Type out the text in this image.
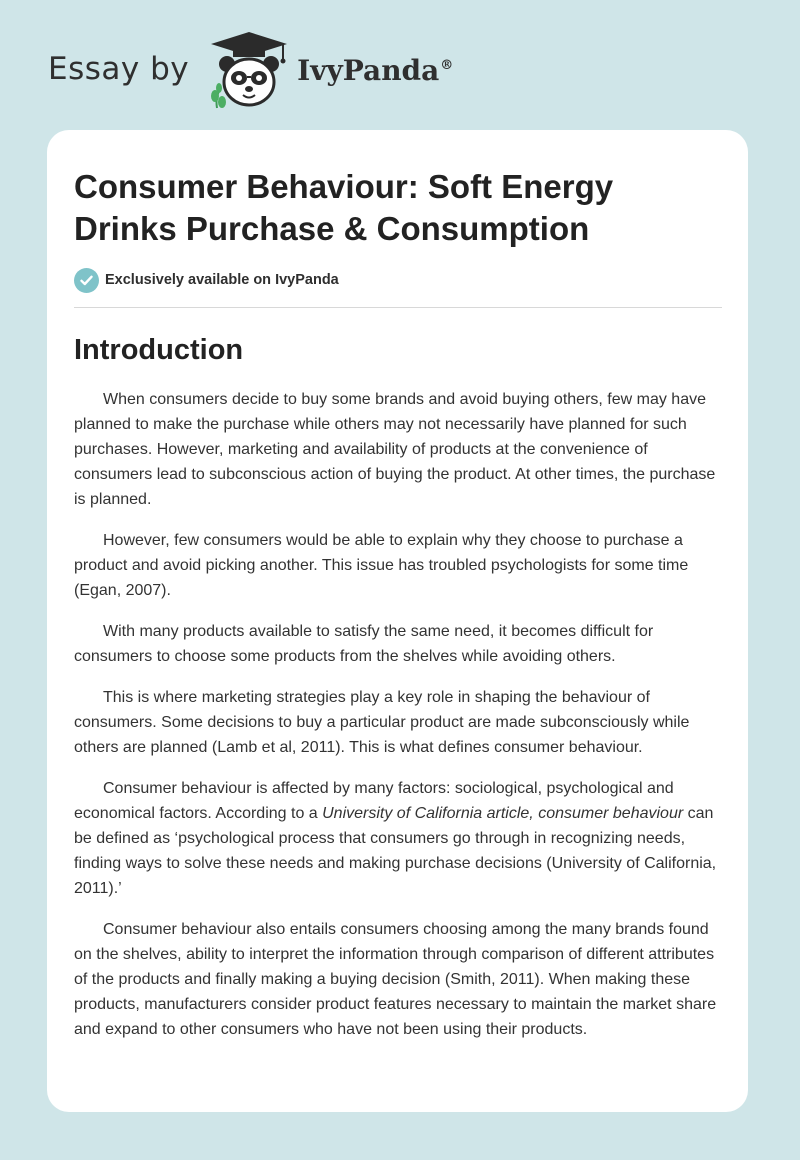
Essay by	IvyPanda®
Consumer Behaviour: Soft Energy Drinks Purchase & Consumption
Exclusively available on IvyPanda
Introduction

When consumers decide to buy some brands and avoid buying others, few may have planned to make the purchase while others may not necessarily have planned for such purchases. However, marketing and availability of products at the convenience of consumers lead to subconscious action of buying the product. At other times, the purchase is planned.

However, few consumers would be able to explain why they choose to purchase a product and avoid picking another. This issue has troubled psychologists for some time (Egan, 2007).

With many products available to satisfy the same need, it becomes difficult for consumers to choose some products from the shelves while avoiding others.

This is where marketing strategies play a key role in shaping the behaviour of consumers. Some decisions to buy a particular product are made subconsciously while others are planned (Lamb et al, 2011). This is what defines consumer behaviour.

Consumer behaviour is affected by many factors: sociological, psychological and economical factors. According to a University of California article, consumer behaviour can be defined as ‘psychological process that consumers go through in recognizing needs, finding ways to solve these needs and making purchase decisions (University of California, 2011).’

Consumer behaviour also entails consumers choosing among the many brands found on the shelves, ability to interpret the information through comparison of different attributes of the products and finally making a buying decision (Smith, 2011). When making these products, manufacturers consider product features necessary to maintain the market share and expand to other consumers who have not been using their products.
